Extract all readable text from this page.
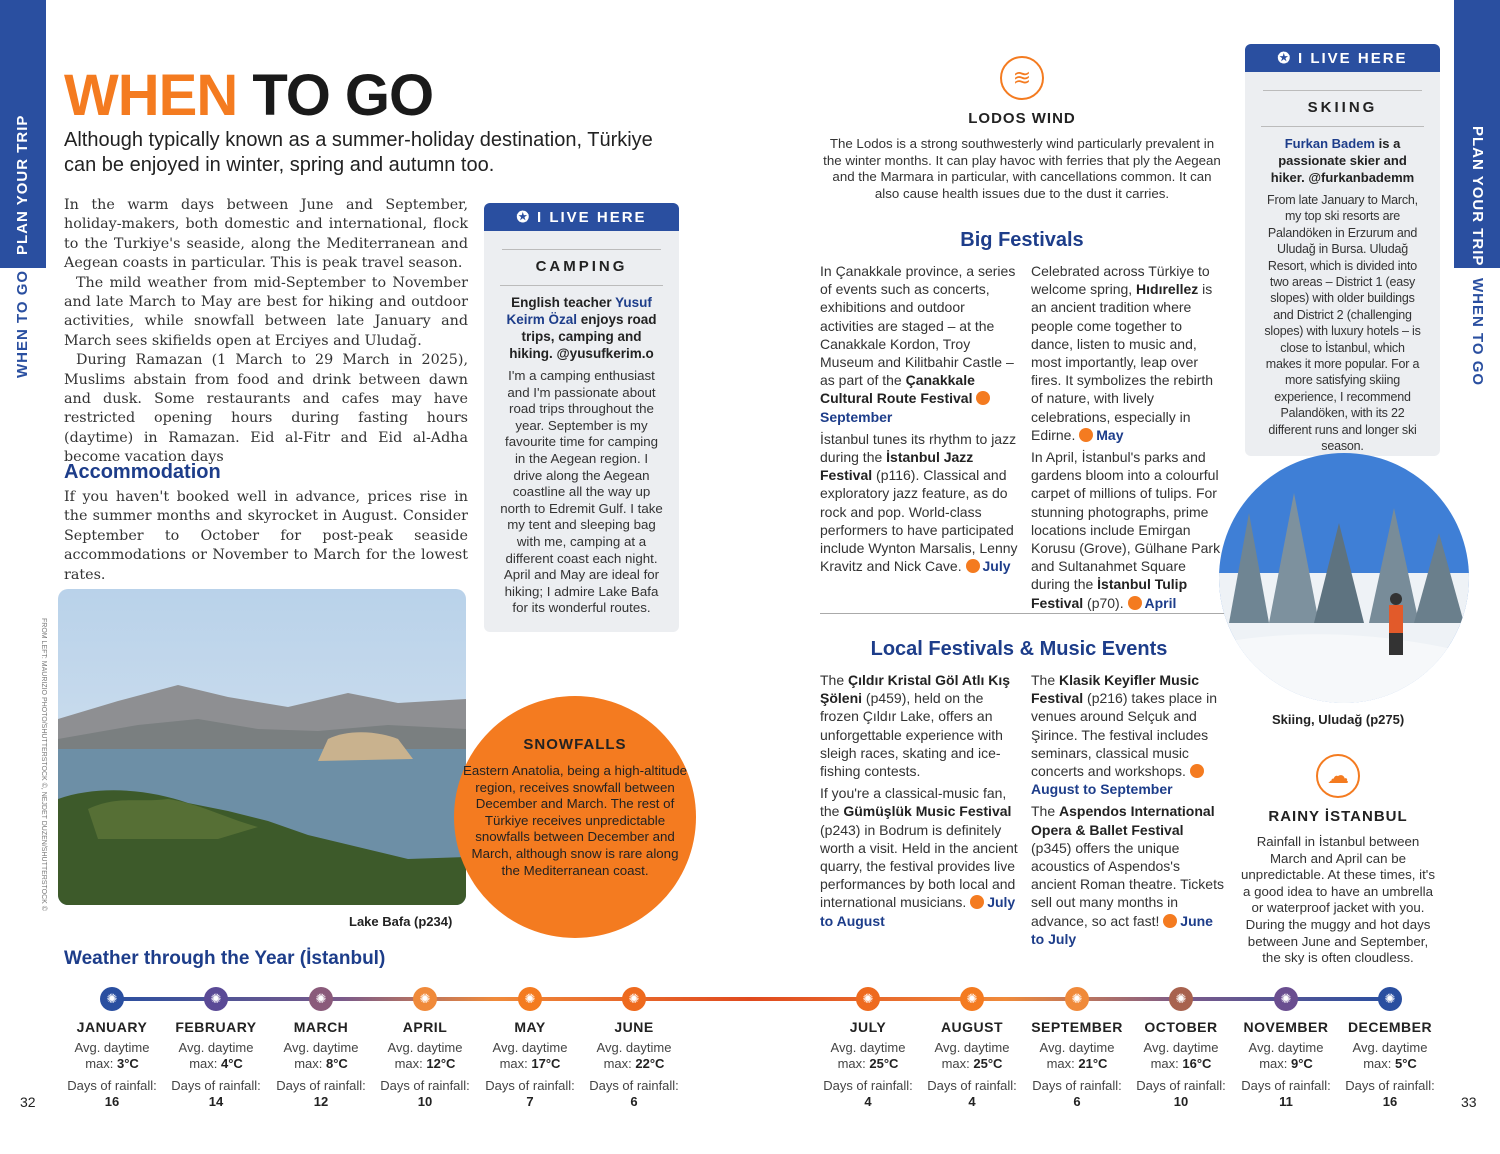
PLAN YOUR TRIP
WHEN TO GO
PLAN YOUR TRIP
WHEN TO GO
32	33
WHEN TO GO
Although typically known as a summer-holiday destination, Türkiye can be enjoyed in winter, spring and autumn too.

In the warm days between June and September, holiday-makers, both domestic and international, flock to the Turkiye's seaside, along the Mediterranean and Aegean coasts in particular. This is peak travel season.

The mild weather from mid-September to November and late March to May are best for hiking and outdoor activities, while snowfall between late January and March sees skifields open at Erciyes and Uludağ.

During Ramazan (1 March to 29 March in 2025), Muslims abstain from food and drink between dawn and dusk. Some restaurants and cafes may have restricted opening hours during fasting hours (daytime) in Ramazan. Eid al-Fitr and Eid al-Adha become vacation days

Accommodation
If you haven't booked well in advance, prices rise in the summer months and skyrocket in August. Consider September to October for post-peak seaside accommodations or November to March for the lowest rates.
✪ I LIVE HERE
CAMPING
English teacher Yusuf Keirm Özal enjoys road trips, camping and hiking. @yusufkerim.o
I'm a camping enthusiast and I'm passionate about road trips throughout the year. September is my favourite time for camping in the Aegean region. I drive along the Aegean coastline all the way up north to Edremit Gulf. I take my tent and sleeping bag with me, camping at a different coast each night. April and May are ideal for hiking; I admire Lake Bafa for its wonderful routes.
Lake Bafa (p234)
FROM LEFT: MAURIZIO PHOTO/SHUTTERSTOCK ©, NEJDET DUZEN/SHUTTERSTOCK ©	SNOWFALLS
Eastern Anatolia, being a high-altitude region, receives snowfall between December and March. The rest of Türkiye receives unpredictable snowfalls between December and March, although snow is rare along the Mediterranean coast.
≋
LODOS WIND
The Lodos is a strong southwesterly wind particularly prevalent in the winter months. It can play havoc with ferries that ply the Aegean and the Marmara in particular, with cancellations common. It can also cause health issues due to the dust it carries.
Big Festivals

In Çanakkale province, a series of events such as concerts, exhibitions and outdoor activities are staged – at the Canakkale Kordon, Troy Museum and Kilitbahir Castle – as part of the Çanakkale Cultural Route Festival September

İstanbul tunes its rhythm to jazz during the İstanbul Jazz Festival (p116). Classical and exploratory jazz feature, as do rock and pop. World-class performers to have participated include Wynton Marsalis, Lenny Kravitz and Nick Cave. July

Celebrated across Türkiye to welcome spring, Hıdırellez is an ancient tradition where people come together to dance, listen to music and, most importantly, leap over fires. It symbolizes the rebirth of nature, with lively celebrations, especially in Edirne. May

In April, İstanbul's parks and gardens bloom into a colourful carpet of millions of tulips. For stunning photographs, prime locations include Emirgan Korusu (Grove), Gülhane Park and Sultanahmet Square during the İstanbul Tulip Festival (p70). April

Local Festivals & Music Events

The Çıldır Kristal Göl Atlı Kış Şöleni (p459), held on the frozen Çıldır Lake, offers an unforgettable experience with sleigh races, skating and ice-fishing contests.

If you're a classical-music fan, the Gümüşlük Music Festival (p243) in Bodrum is definitely worth a visit. Held in the ancient quarry, the festival provides live performances by both local and international musicians. July to August

The Klasik Keyifler Music Festival (p216) takes place in venues around Selçuk and Şirince. The festival includes seminars, classical music concerts and workshops. August to September

The Aspendos International Opera & Ballet Festival (p345) offers the unique acoustics of Aspendos's ancient Roman theatre. Tickets sell out many months in advance, so act fast! June to July

✪ I LIVE HERE
SKIING
Furkan Badem is a passionate skier and hiker. @furkanbademm
From late January to March, my top ski resorts are Palandöken in Erzurum and Uludağ in Bursa. Uludağ Resort, which is divided into two areas – District 1 (easy slopes) with older buildings and District 2 (challenging slopes) with luxury hotels – is close to İstanbul, which makes it more popular. For a more satisfying skiing experience, I recommend Palandöken, with its 22 different runs and longer ski season.
Skiing, Uludağ (p275)
☁
RAINY İSTANBUL
Rainfall in İstanbul between March and April can be unpredictable. At these times, it's a good idea to have an umbrella or waterproof jacket with you. During the muggy and hot days between June and September, the sky is often cloudless.
Weather through the Year (İstanbul)
✺
JANUARY
Avg. daytime
max: 3°C
Days of rainfall:
16
✺
FEBRUARY
Avg. daytime
max: 4°C
Days of rainfall:
14
✺
MARCH
Avg. daytime
max: 8°C
Days of rainfall:
12
✺
APRIL
Avg. daytime
max: 12°C
Days of rainfall:
10
✺
MAY
Avg. daytime
max: 17°C
Days of rainfall:
7
✺
JUNE
Avg. daytime
max: 22°C
Days of rainfall:
6
✺
JULY
Avg. daytime
max: 25°C
Days of rainfall:
4
✺
AUGUST
Avg. daytime
max: 25°C
Days of rainfall:
4
✺
SEPTEMBER
Avg. daytime
max: 21°C
Days of rainfall:
6
✺
OCTOBER
Avg. daytime
max: 16°C
Days of rainfall:
10
✺
NOVEMBER
Avg. daytime
max: 9°C
Days of rainfall:
11
✺
DECEMBER
Avg. daytime
max: 5°C
Days of rainfall:
16
